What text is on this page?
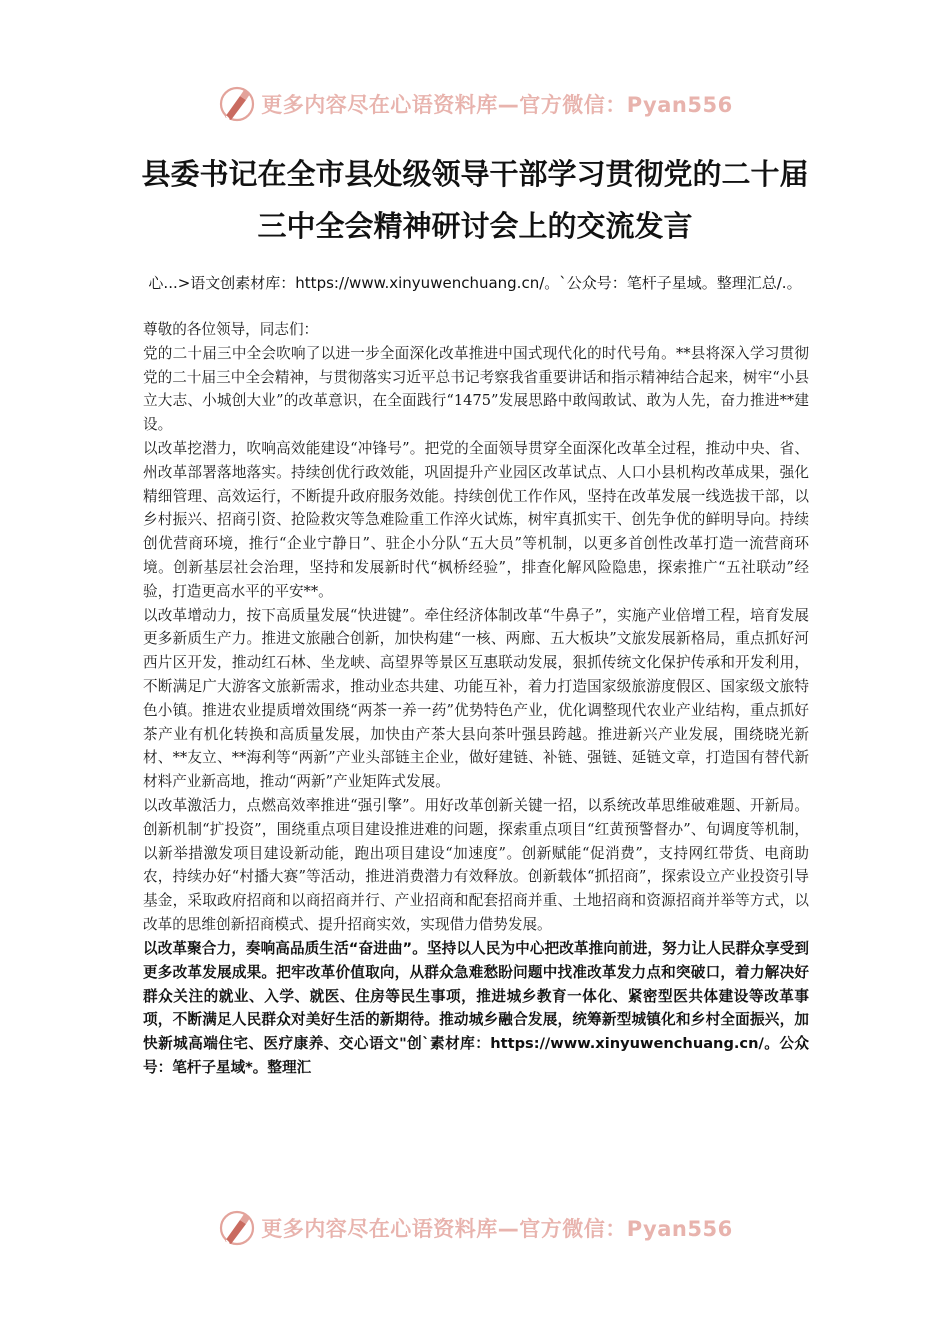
更多内容尽在心语资料库—官方微信：Pyan556
县委书记在全市县处级领导干部学习贯彻党的二十届
三中全会精神研讨会上的交流发言
心...>语文创素材库：https://www.xinyuwenchuang.cn/。`公众号：笔杆子星域。整理汇总/.。

尊敬的各位领导，同志们：

党的二十届三中全会吹响了以进一步全面深化改革推进中国式现代化的时代号角。**县将深入学习贯彻党的二十届三中全会精神，与贯彻落实习近平总书记考察我省重要讲话和指示精神结合起来，树牢“小县立大志、小城创大业”的改革意识，在全面践行“1475”发展思路中敢闯敢试、敢为人先，奋力推进**建设。

以改革挖潜力，吹响高效能建设“冲锋号”。把党的全面领导贯穿全面深化改革全过程，推动中央、省、州改革部署落地落实。持续创优行政效能，巩固提升产业园区改革试点、人口小县机构改革成果，强化精细管理、高效运行，不断提升政府服务效能。持续创优工作作风，坚持在改革发展一线选拔干部，以乡村振兴、招商引资、抢险救灾等急难险重工作淬火试炼，树牢真抓实干、创先争优的鲜明导向。持续创优营商环境，推行“企业宁静日”、驻企小分队“五大员”等机制，以更多首创性改革打造一流营商环境。创新基层社会治理，坚持和发展新时代“枫桥经验”，排查化解风险隐患，探索推广“五社联动”经验，打造更高水平的平安**。

以改革增动力，按下高质量发展“快进键”。牵住经济体制改革“牛鼻子”，实施产业倍增工程，培育发展更多新质生产力。推进文旅融合创新，加快构建“一核、两廊、五大板块”文旅发展新格局，重点抓好河西片区开发，推动红石林、坐龙峡、高望界等景区互惠联动发展，狠抓传统文化保护传承和开发利用，不断满足广大游客文旅新需求，推动业态共建、功能互补，着力打造国家级旅游度假区、国家级文旅特色小镇。推进农业提质增效围绕“两茶一养一药”优势特色产业，优化调整现代农业产业结构，重点抓好茶产业有机化转换和高质量发展，加快由产茶大县向茶叶强县跨越。推进新兴产业发展，围绕晓光新材、**友立、**海利等“两新”产业头部链主企业，做好建链、补链、强链、延链文章，打造国有替代新材料产业新高地，推动“两新”产业矩阵式发展。

以改革激活力，点燃高效率推进“强引擎”。用好改革创新关键一招，以系统改革思维破难题、开新局。创新机制“扩投资”，围绕重点项目建设推进难的问题，探索重点项目“红黄预警督办”、旬调度等机制，以新举措激发项目建设新动能，跑出项目建设“加速度”。创新赋能“促消费”，支持网红带货、电商助农，持续办好“村播大赛”等活动，推进消费潜力有效释放。创新载体“抓招商”，探索设立产业投资引导基金，采取政府招商和以商招商并行、产业招商和配套招商并重、土地招商和资源招商并举等方式，以改革的思维创新招商模式、提升招商实效，实现借力借势发展。

以改革聚合力，奏响高品质生活“奋进曲”。坚持以人民为中心把改革推向前进，努力让人民群众享受到更多改革发展成果。把牢改革价值取向，从群众急难愁盼问题中找准改革发力点和突破口，着力解决好群众关注的就业、入学、就医、住房等民生事项，推进城乡教育一体化、紧密型医共体建设等改革事项，不断满足人民群众对美好生活的新期待。推动城乡融合发展，统筹新型城镇化和乡村全面振兴，加快新城高端住宅、医疗康养、交心语文"创`素材库：https://www.xinyuwenchuang.cn/。公众号：笔杆子星域*。整理汇

更多内容尽在心语资料库—官方微信：Pyan556
